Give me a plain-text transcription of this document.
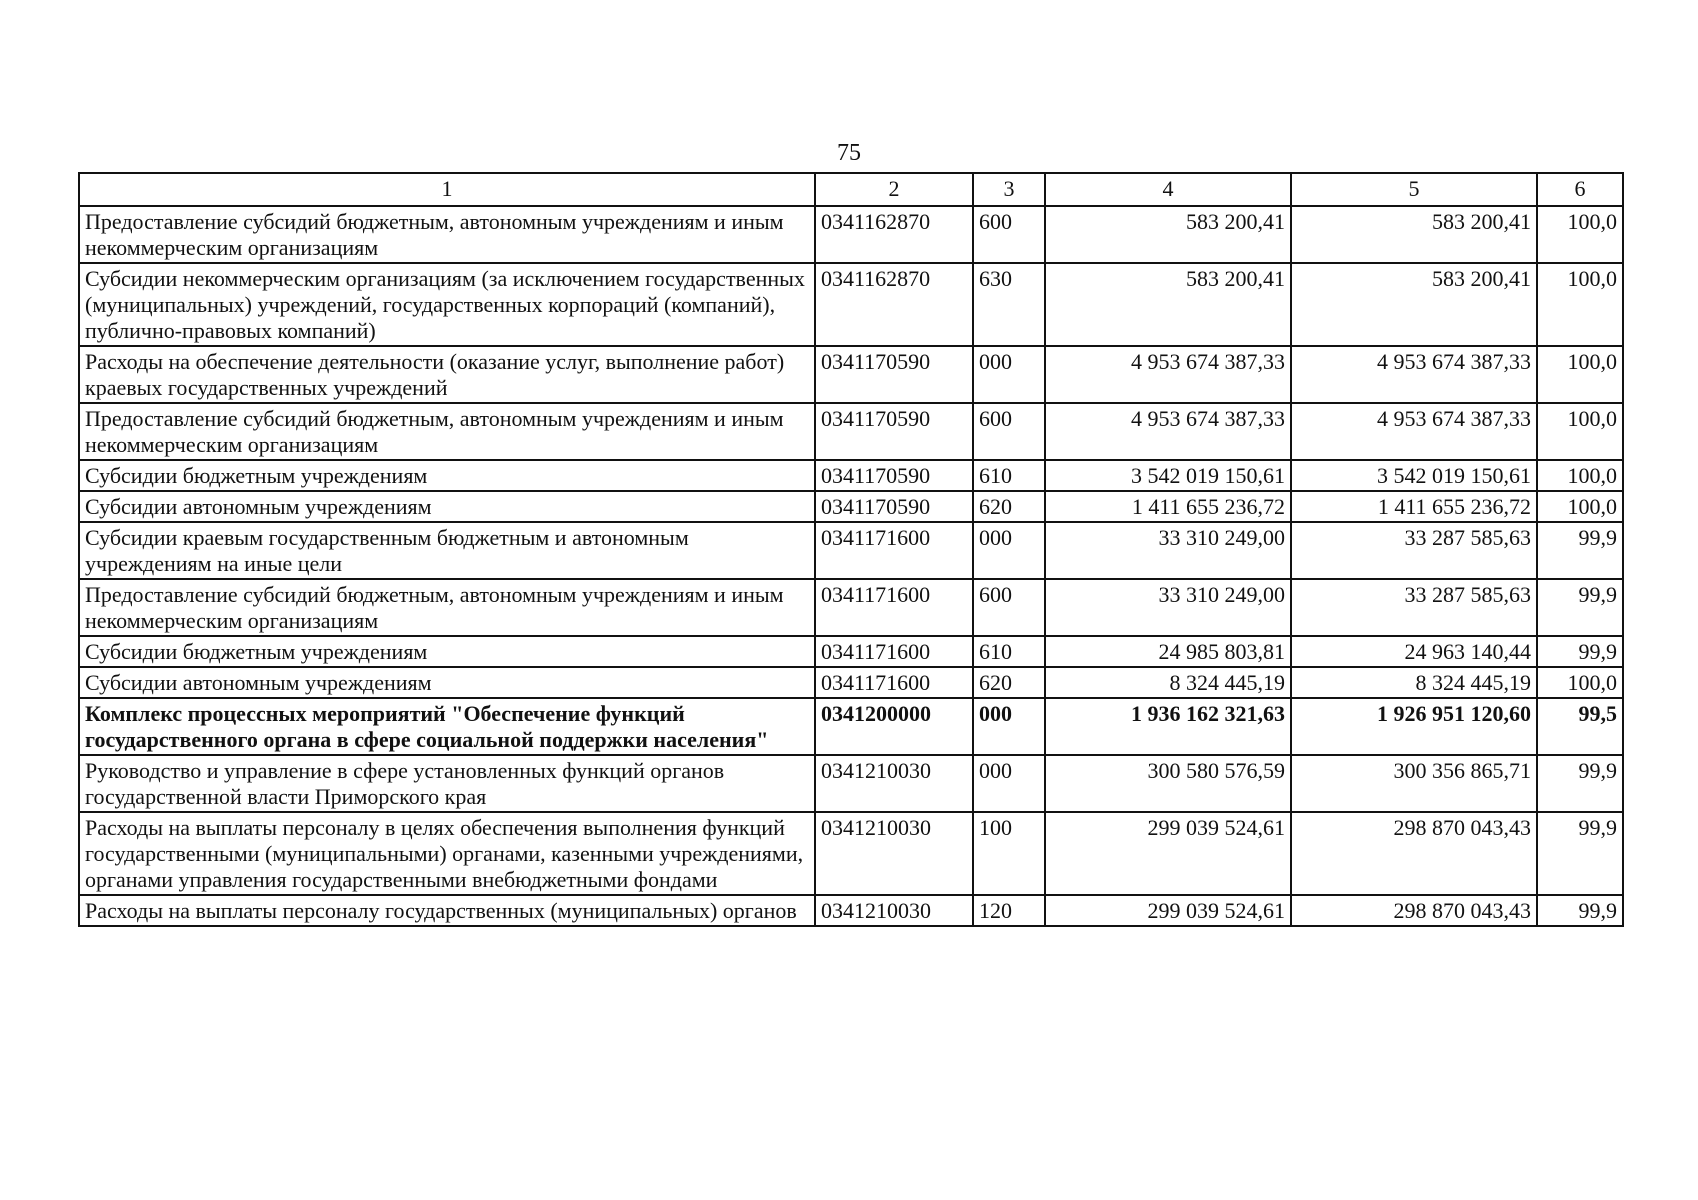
75
1	2	3	4	5	6
Предоставление субсидий бюджетным, автономным учреждениям и иным некоммерческим организациям	0341162870	600	583 200,41	583 200,41	100,0
Субсидии некоммерческим организациям (за исключением государственных (муниципальных) учреждений, государственных корпораций (компаний), публично-правовых компаний)	0341162870	630	583 200,41	583 200,41	100,0
Расходы на обеспечение деятельности (оказание услуг, выполнение работ) краевых государственных учреждений	0341170590	000	4 953 674 387,33	4 953 674 387,33	100,0
Предоставление субсидий бюджетным, автономным учреждениям и иным некоммерческим организациям	0341170590	600	4 953 674 387,33	4 953 674 387,33	100,0
Субсидии бюджетным учреждениям	0341170590	610	3 542 019 150,61	3 542 019 150,61	100,0
Субсидии автономным учреждениям	0341170590	620	1 411 655 236,72	1 411 655 236,72	100,0
Субсидии краевым государственным бюджетным и автономным учреждениям на иные цели	0341171600	000	33 310 249,00	33 287 585,63	99,9
Предоставление субсидий бюджетным, автономным учреждениям и иным некоммерческим организациям	0341171600	600	33 310 249,00	33 287 585,63	99,9
Субсидии бюджетным учреждениям	0341171600	610	24 985 803,81	24 963 140,44	99,9
Субсидии автономным учреждениям	0341171600	620	8 324 445,19	8 324 445,19	100,0
Комплекс процессных мероприятий "Обеспечение функций государственного органа в сфере социальной поддержки населения"	0341200000	000	1 936 162 321,63	1 926 951 120,60	99,5
Руководство и управление в сфере установленных функций органов государственной власти Приморского края	0341210030	000	300 580 576,59	300 356 865,71	99,9
Расходы на выплаты персоналу в целях обеспечения выполнения функций государственными (муниципальными) органами, казенными учреждениями, органами управления государственными внебюджетными фондами	0341210030	100	299 039 524,61	298 870 043,43	99,9
Расходы на выплаты персоналу государственных (муниципальных) органов	0341210030	120	299 039 524,61	298 870 043,43	99,9
